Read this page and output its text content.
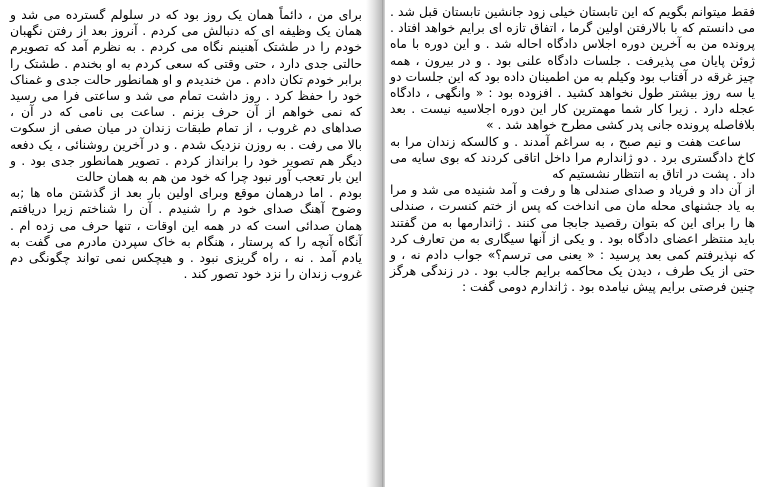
برای من ، دائماً همان یک روز بود که در سلولم گسترده می شد و همان یک وظیفه ای که دنبالش می کردم . آنروز بعد از رفتن نگهبان خودم را در طشتک آهنینم نگاه می کردم . به نظرم آمد که تصویرم حالتی جدی دارد ، حتی وقتی که سعی کردم به او بخندم . طشتک را برابر خودم تکان دادم . من خندیدم و او همانطور حالت جدی و غمناک خود را حفظ کرد . روز داشت تمام می شد و ساعتی فرا می رسید که نمی خواهم از آن حرف بزنم . ساعت بی نامی که در آن ، صداهای دم غروب ، از تمام طبقات زندان در میان صفی از سکوت بالا می رفت . به روزن نزدیک شدم . و در آخرین روشنائی ، یک دفعه دیگر هم تصویر خود را برانداز کردم . تصویر همانطور جدی بود . و این بار تعجب آور نبود چرا که خود من هم به همان حالت

بودم . اما درهمان موقع وبرای اولین بار بعد از گذشتن ماه ها ;به وضوح آهنگ صدای خود م را شنیدم . آن را شناختم زیرا دریافتم همان صدائی است که در همه این اوقات ، تنها حرف می زده ام . آنگاه آنچه را که پرستار ، هنگام به خاک سپردن مادرم می گفت به یادم آمد . نه ، راه گریزی نبود . و هیچکس نمی تواند چگونگی دم غروب زندان را نزد خود تصور کند .

فقط میتوانم بگویم که این تابستان خیلی زود جانشین تابستان قبل شد . می دانستم که با بالارفتن اولین گرما ، اتفاق تازه ای برایم خواهد افتاد . پرونده من به آخرین دوره اجلاس دادگاه احاله شد . و این دوره با ماه ژوئن پایان می پذیرفت . جلسات دادگاه علنی بود . و در بیرون ، همه چیز غرقه در آفتاب بود وکیلم به من اطمینان داده بود که این جلسات دو یا سه روز بیشتر طول نخواهد کشید . افزوده بود : « وانگهی ، دادگاه عجله دارد . زیرا کار شما مهمترین کار این دوره اجلاسیه نیست . بعد بلافاصله پرونده جانی پدر کشی مطرح خواهد شد . »

ساعت هفت و نیم صبح ، به سراغم آمدند . و کالسکه زندان مرا به کاخ دادگستری برد . دو ژاندارم مرا داخل اتاقی کردند که بوی سایه می داد . پشت در اتاق به انتظار نشستیم که

از آن داد و فریاد و صدای صندلی ها و رفت و آمد شنیده می شد و مرا به یاد جشنهای محله مان می انداخت که پس از ختم کنسرت ، صندلی ها را برای این که بتوان رقصید جابجا می کنند . ژاندارمها به من گفتند باید منتظر اعضای دادگاه بود . و یکی از آنها سیگاری به من تعارف کرد که نپذیرفتم کمی بعد پرسید : « یعنی می ترسم؟» جواب دادم نه ، و حتی از یک طرف ، دیدن یک محاکمه برایم جالب بود . در زندگی هرگز چنین فرصتی برایم پیش نیامده بود . ژاندارم دومی گفت :
